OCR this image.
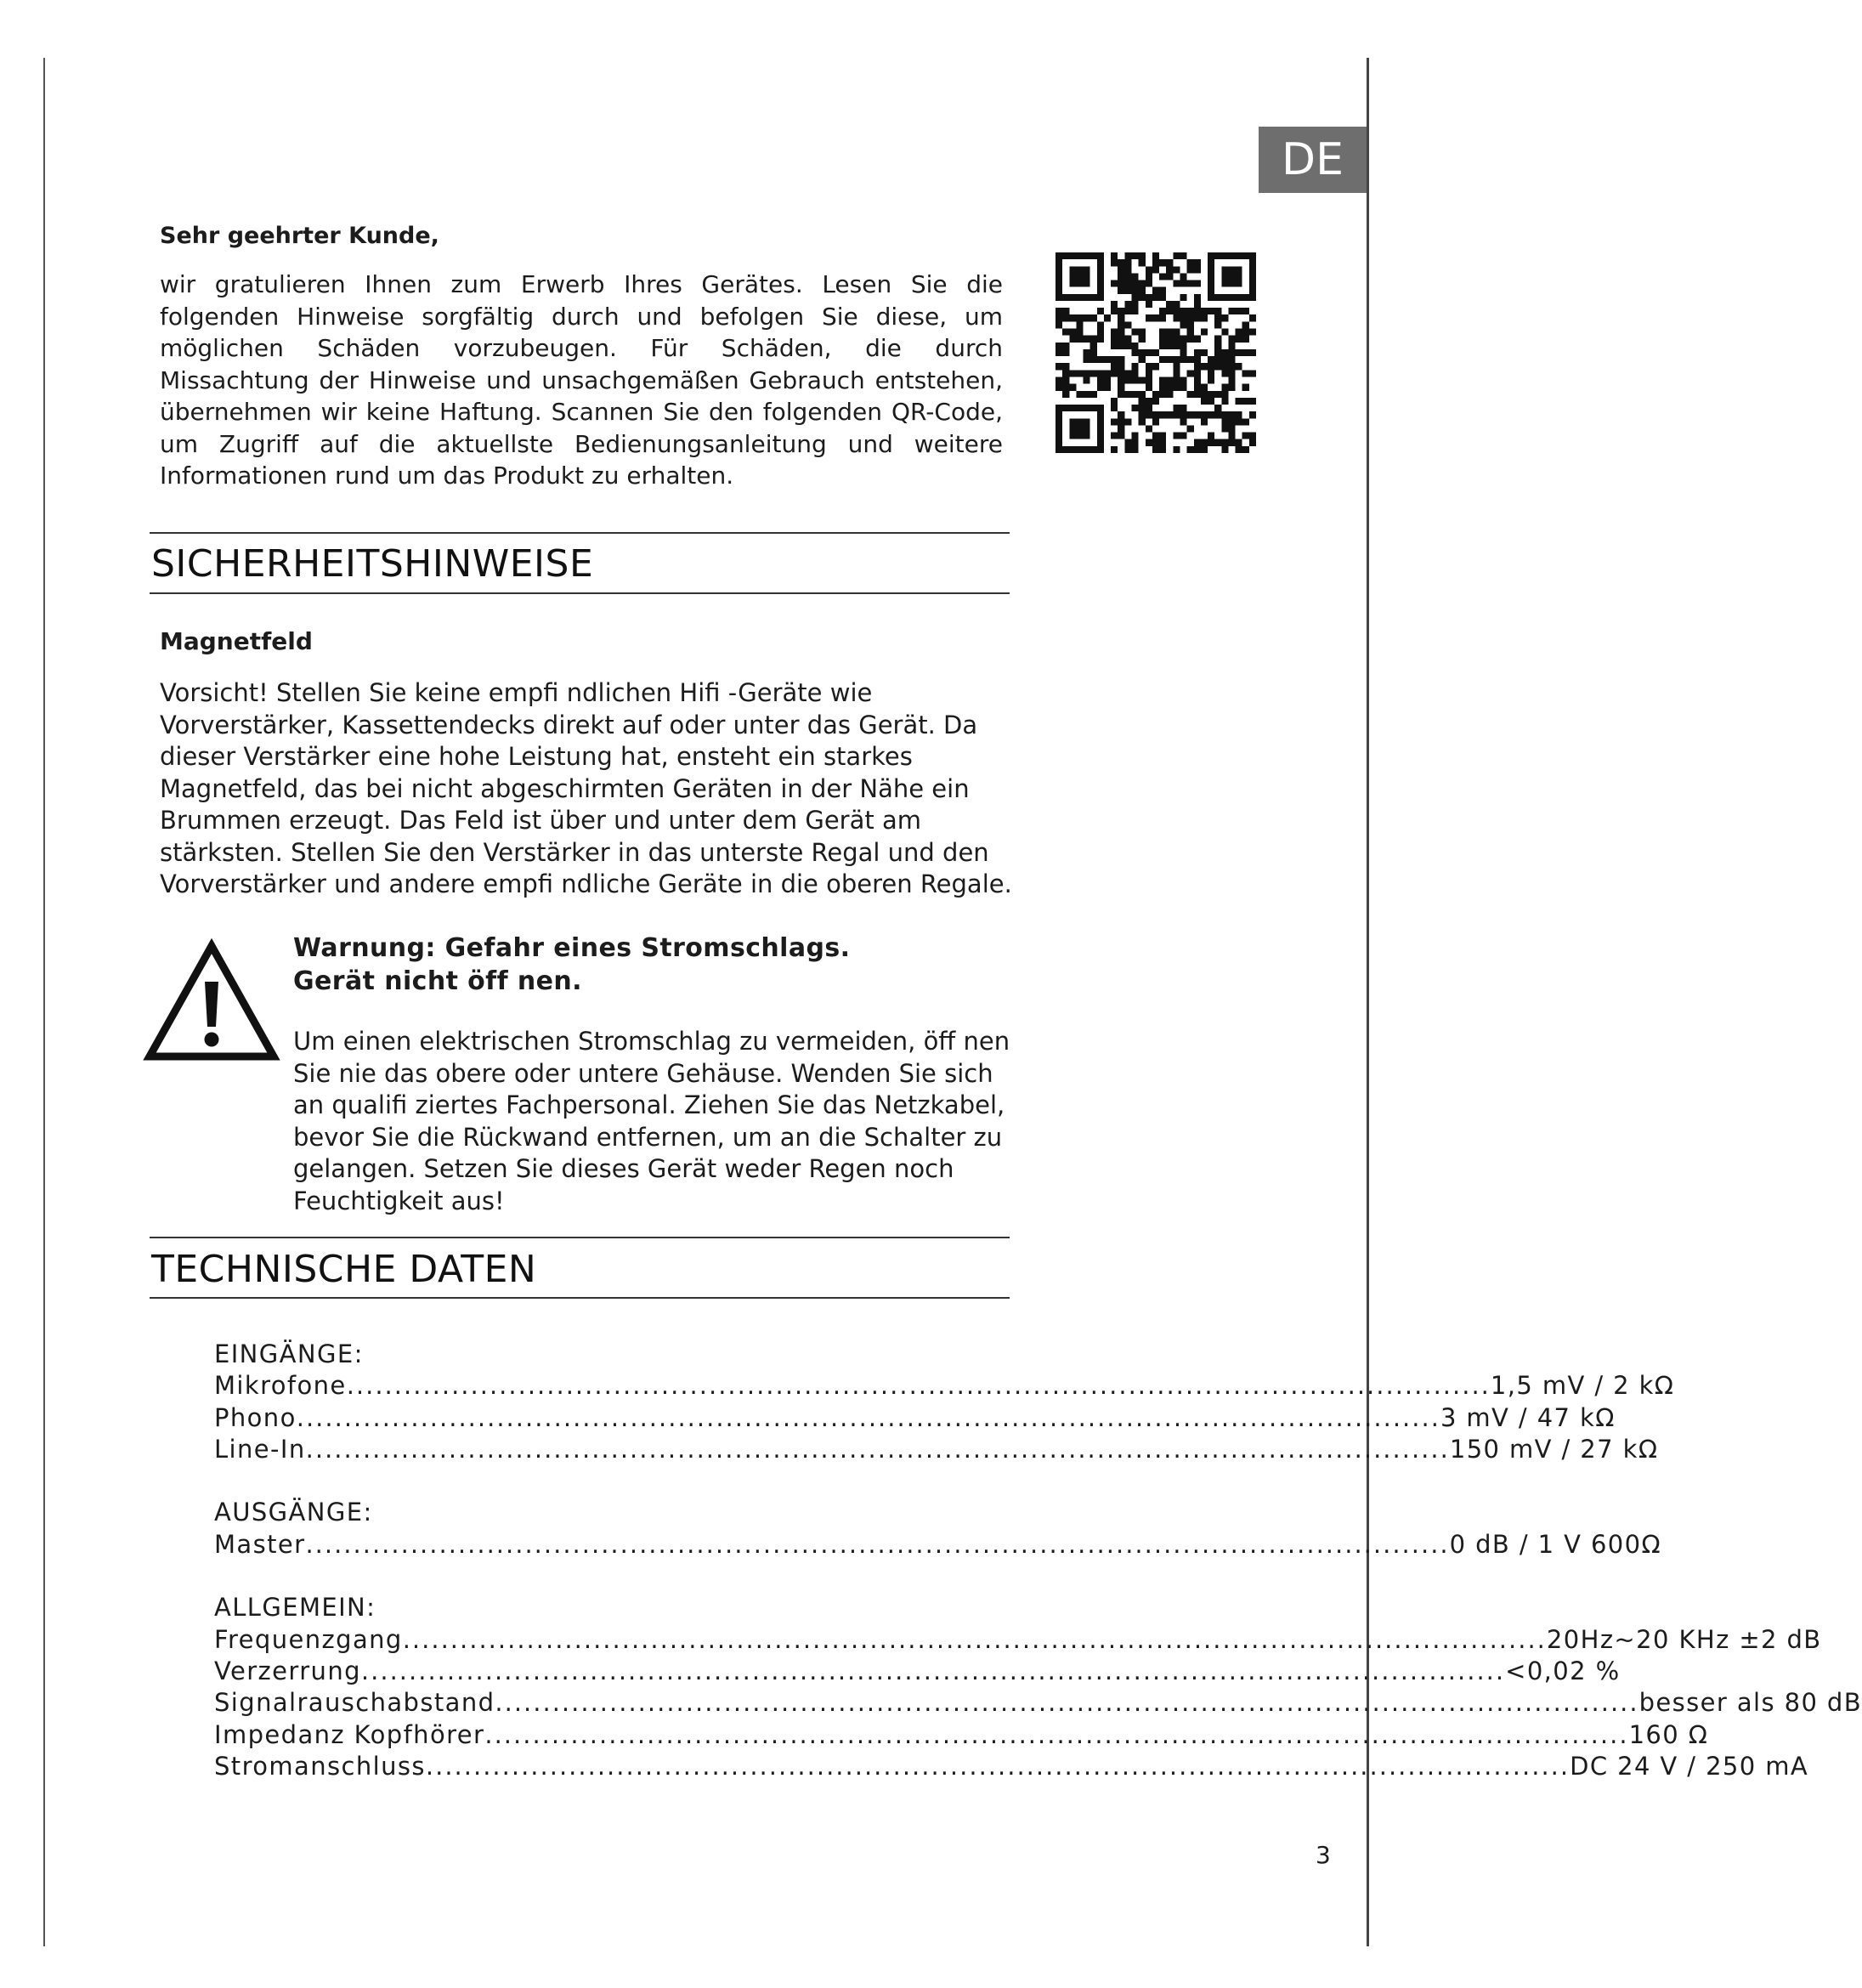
DE

Sehr geehrter Kunde,

wir gratulieren Ihnen zum Erwerb Ihres Gerätes. Lesen Sie die folgenden Hinweise sorgfältig durch und befolgen Sie diese, um möglichen Schäden vorzubeugen. Für Schäden, die durch Missachtung der Hinweise und unsachgemäßen Gebrauch entstehen, übernehmen wir keine Haftung. Scannen Sie den folgenden QR-Code, um Zugriff auf die aktuellste Bedienungsanleitung und weitere Informationen rund um das Produkt zu erhalten.

SICHERHEITSHINWEISE

Magnetfeld

Vorsicht! Stellen Sie keine empfi ndlichen Hifi -Geräte wie Vorverstärker, Kassettendecks direkt auf oder unter das Gerät. Da dieser Verstärker eine hohe Leistung hat, ensteht ein starkes Magnetfeld, das bei nicht abgeschirmten Geräten in der Nähe ein Brummen erzeugt. Das Feld ist über und unter dem Gerät am stärksten. Stellen Sie den Verstärker in das unterste Regal und den Vorverstärker und andere empfi ndliche Geräte in die oberen Regale.

Warnung: Gefahr eines Stromschlags.
Gerät nicht öff nen.

Um einen elektrischen Stromschlag zu vermeiden, öff nen Sie nie das obere oder untere Gehäuse. Wenden Sie sich an qualifi ziertes Fachpersonal. Ziehen Sie das Netzkabel, bevor Sie die Rückwand entfernen, um an die Schalter zu gelangen. Setzen Sie dieses Gerät weder Regen noch Feuchtigkeit aus!

TECHNISCHE DATEN
EINGÄNGE:
Mikrofone ........................................................................................................................ 1,5 mV / 2 kΩ
Phono ........................................................................................................................ 3 mV / 47 kΩ
Line-In ........................................................................................................................ 150 mV / 27 kΩ
AUSGÄNGE:
Master ........................................................................................................................ 0 dB / 1 V 600Ω
ALLGEMEIN:
Frequenzgang ........................................................................................................................ 20Hz~20 KHz ±2 dB
Verzerrung ........................................................................................................................ <0,02 %
Signalrauschabstand ........................................................................................................................ besser als 80 dB
Impedanz Kopfhörer ........................................................................................................................ 160 Ω
Stromanschluss ........................................................................................................................ DC 24 V / 250 mA
3
